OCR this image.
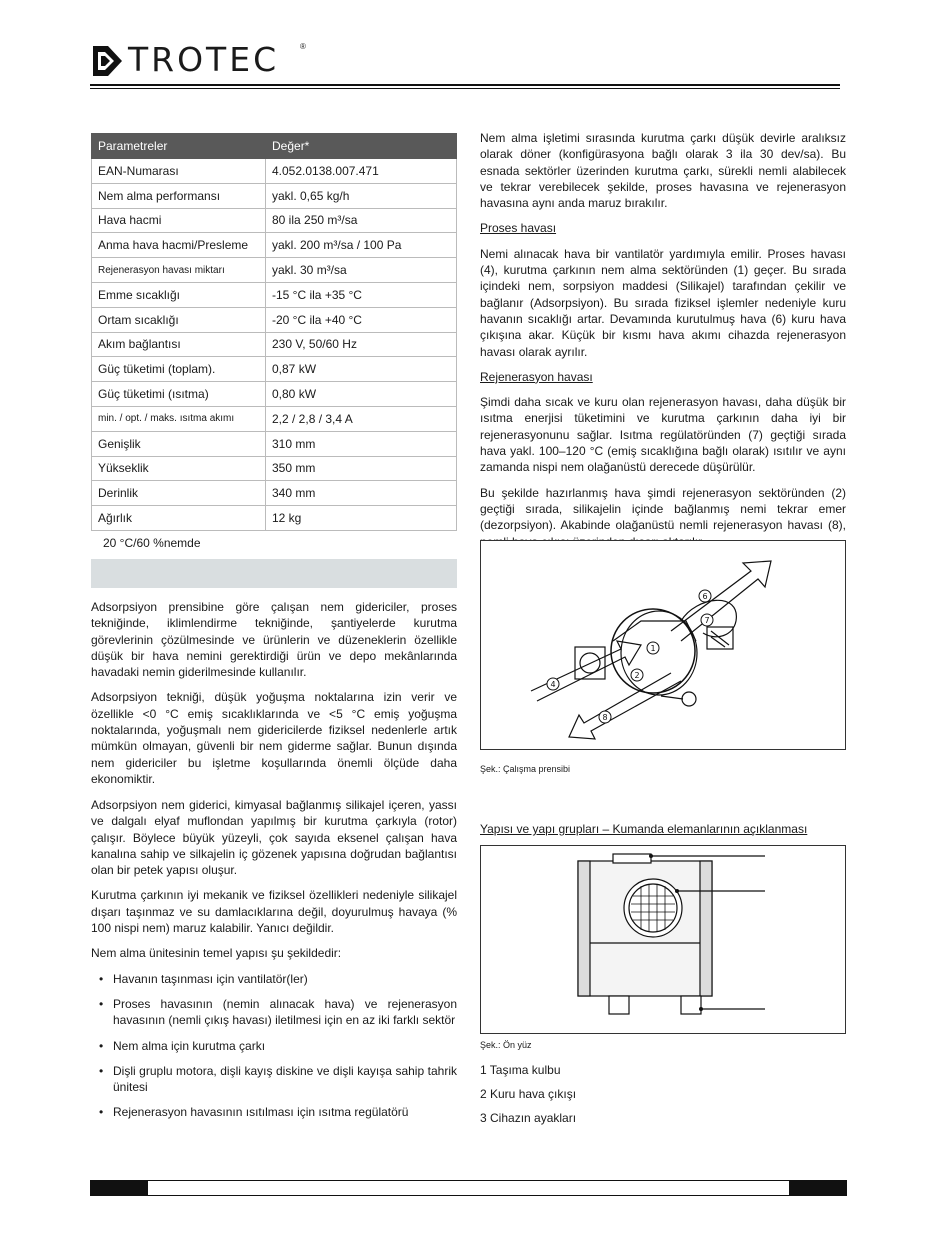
TROTEC	®
Parametreler	Değer*
EAN-Numarası	4.052.0138.007.471
Nem alma performansı	yakl. 0,65 kg/h
Hava hacmi	80 ila 250 m³/sa
Anma hava hacmi/Presleme	yakl. 200 m³/sa / 100 Pa
Rejenerasyon havası miktarı	yakl. 30 m³/sa
Emme sıcaklığı	-15 °C ila +35 °C
Ortam sıcaklığı	-20 °C ila +40 °C
Akım bağlantısı	230 V, 50/60 Hz
Güç tüketimi (toplam).	0,87 kW
Güç tüketimi (ısıtma)	0,80 kW
min. / opt. / maks. ısıtma akımı	2,2 / 2,8 / 3,4 A
Genişlik	310 mm
Yükseklik	350 mm
Derinlik	340 mm
Ağırlık	12 kg
20 °C/60 %nemde

Adsorpsiyon prensibine göre çalışan nem gidericiler, proses tekniğinde, iklimlendirme tekniğinde, şantiyelerde kurutma görevlerinin çözülmesinde ve ürünlerin ve düzeneklerin özellikle düşük bir hava nemini gerektirdiği ürün ve depo mekânlarında havadaki nemin giderilmesinde kullanılır.

Adsorpsiyon tekniği, düşük yoğuşma noktalarına izin verir ve özellikle <0 °C emiş sıcaklıklarında ve <5 °C emiş yoğuşma noktalarında, yoğuşmalı nem gidericilerde fiziksel nedenlerle artık mümkün olmayan, güvenli bir nem giderme sağlar. Bunun dışında nem gidericiler bu işletme koşullarında önemli ölçüde daha ekonomiktir.

Adsorpsiyon nem giderici, kimyasal bağlanmış silikajel içeren, yassı ve dalgalı elyaf muflondan yapılmış bir kurutma çarkıyla (rotor) çalışır. Böylece büyük yüzeyli, çok sayıda eksenel çalışan hava kanalına sahip ve silkajelin iç gözenek yapısına doğrudan bağlantısı olan bir petek yapısı oluşur.

Kurutma çarkının iyi mekanik ve fiziksel özellikleri nedeniyle silikajel dışarı taşınmaz ve su damlacıklarına değil, doyurulmuş havaya (% 100 nispi nem) maruz kalabilir. Yanıcı değildir.

Nem alma ünitesinin temel yapısı şu şekildedir:

• Havanın taşınması için vantilatör(ler)
• Proses havasının (nemin alınacak hava) ve rejenerasyon havasının (nemli çıkış havası) iletilmesi için en az iki farklı sektör
• Nem alma için kurutma çarkı
• Dişli gruplu motora, dişli kayış diskine ve dişli kayışa sahip tahrik ünitesi
• Rejenerasyon havasının ısıtılması için ısıtma regülatörü

Nem alma işletimi sırasında kurutma çarkı düşük devirle aralıksız olarak döner (konfigürasyona bağlı olarak 3 ila 30 dev/sa). Bu esnada sektörler üzerinden kurutma çarkı, sürekli nemli alabilecek ve tekrar verebilecek şekilde, proses havasına ve rejenerasyon havasına aynı anda maruz bırakılır.

Proses havası

Nemi alınacak hava bir vantilatör yardımıyla emilir. Proses havası (4), kurutma çarkının nem alma sektöründen (1) geçer. Bu sırada içindeki nem, sorpsiyon maddesi (Silikajel) tarafından çekilir ve bağlanır (Adsorpsiyon). Bu sırada fiziksel işlemler nedeniyle kuru havanın sıcaklığı artar. Devamında kurutulmuş hava (6) kuru hava çıkışına akar. Küçük bir kısmı hava akımı cihazda rejenerasyon havası olarak ayrılır.

Rejenerasyon havası

Şimdi daha sıcak ve kuru olan rejenerasyon havası, daha düşük bir ısıtma enerjisi tüketimini ve kurutma çarkının daha iyi bir rejenerasyonunu sağlar. Isıtma regülatöründen (7) geçtiği sırada hava yakl. 100–120 °C (emiş sıcaklığına bağlı olarak) ısıtılır ve aynı zamanda nispi nem olağanüstü derecede düşürülür.

Bu şekilde hazırlanmış hava şimdi rejenerasyon sektöründen (2) geçtiği sırada, silikajelin içinde bağlanmış nemi tekrar emer (dezorpsiyon). Akabinde olağanüstü nemli rejenerasyon havası (8),

1
2
4
6
7
8
Şek.: Çalışma prensibi
Yapısı ve yapı grupları – Kumanda elemanlarının açıklanması
Şek.: Ön yüz
1 Taşıma kulbu
2 Kuru hava çıkışı
3 Cihazın ayakları
